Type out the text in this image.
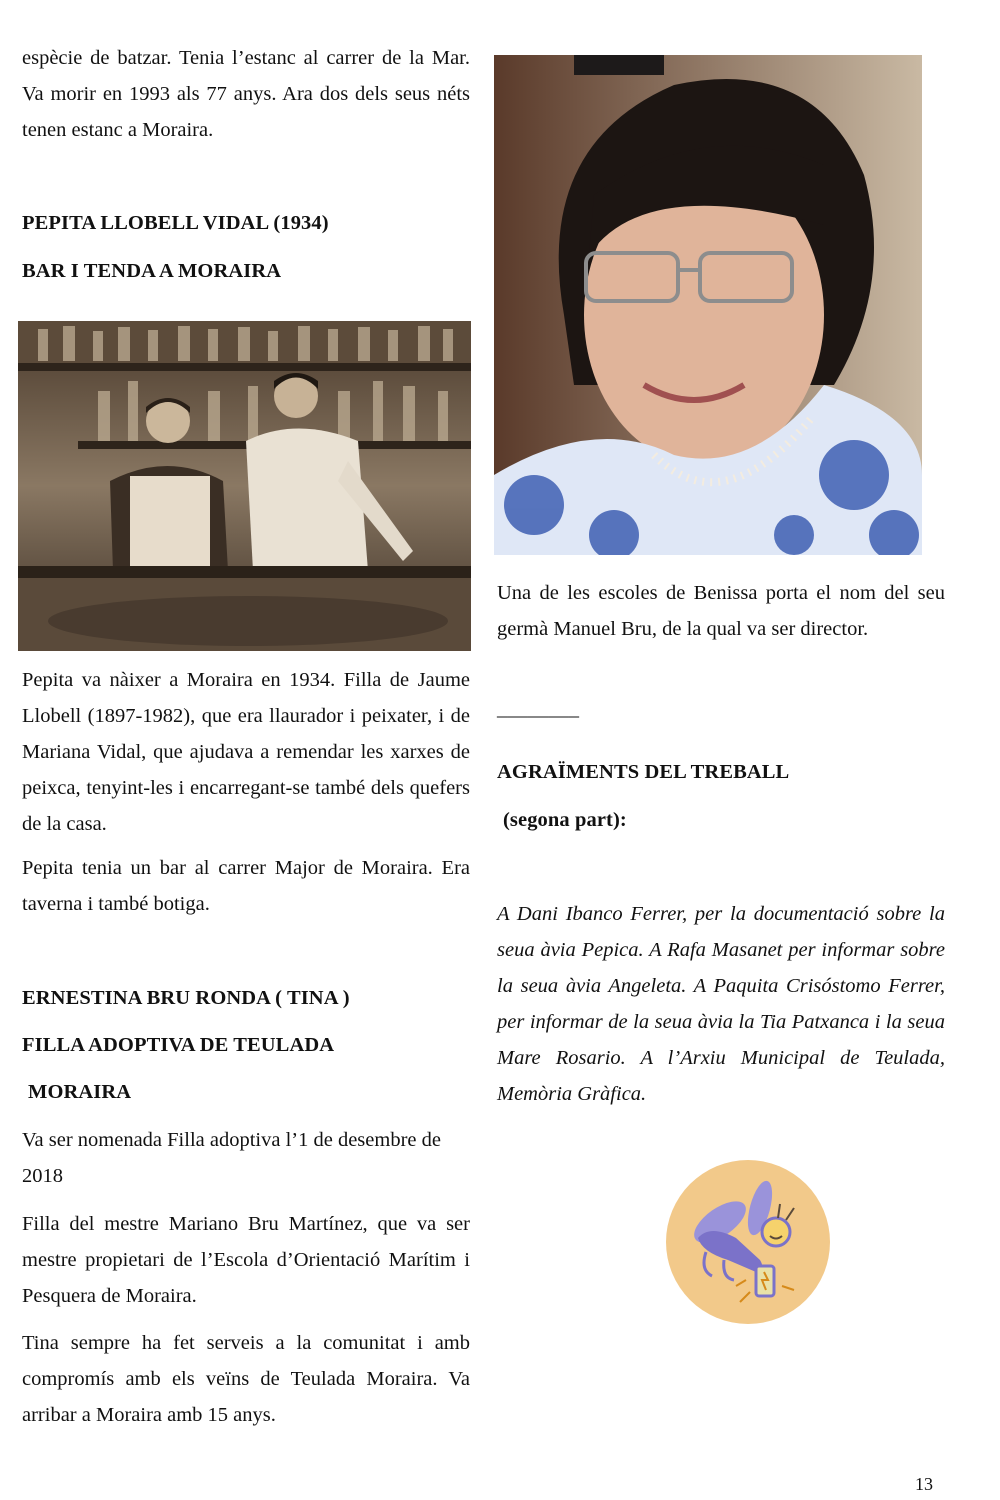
espècie de batzar. Tenia l’estanc al carrer de la Mar. Va morir en 1993 als 77 anys. Ara dos dels seus néts tenen estanc a Moraira.

PEPITA LLOBELL VIDAL (1934)
BAR I TENDA A MORAIRA

Pepita va nàixer a Moraira en 1934. Filla de Jaume Llobell (1897-1982), que era llaurador i peixater, i de Mariana Vidal, que ajudava a remendar les xarxes de peixca, tenyint-les i encarregant-se també dels quefers de la casa.

Pepita tenia un bar al carrer Major de Moraira. Era taverna i també botiga.

ERNESTINA BRU RONDA ( TINA )
FILLA ADOPTIVA DE TEULADA
MORAIRA

Va ser nomenada Filla adoptiva l’1 de desembre de 2018

Filla del mestre Mariano Bru Martínez, que va ser mestre propietari de l’Escola d’Orientació Marítim i Pesquera de Moraira.

Tina sempre ha fet serveis a la comunitat i amb compromís amb els veïns de Teulada Moraira. Va arribar a Moraira amb 15 anys.

Una de les escoles de Benissa porta el nom del seu germà Manuel Bru, de la qual va ser director.

________
AGRAÏMENTS DEL TREBALL
(segona part):

A Dani Ibanco Ferrer, per la documentació sobre la seua àvia Pepica. A Rafa Masanet per informar sobre la seua àvia Angeleta. A Paquita Crisóstomo Ferrer, per informar de la seua àvia la Tia Patxanca i la seua Mare Rosario. A l’Arxiu Municipal de Teulada, Memòria Gràfica.

13
